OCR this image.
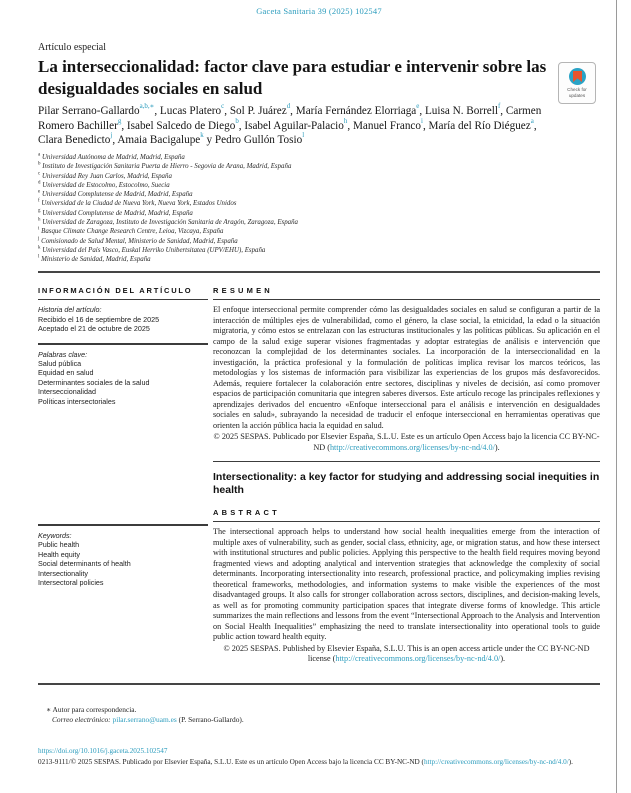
Gaceta Sanitaria 39 (2025) 102547
Artículo especial
La interseccionalidad: factor clave para estudiar e intervenir sobre las desigualdades sociales en salud	Check for
updates
Pilar Serrano-Gallardo$^{a,b,∗}$, Lucas Platero$^c$, Sol P. Juárez$^d$, María Fernández Elorriaga$^e$, Luisa N. Borrell$^f$, Carmen Romero Bachiller$^g$, Isabel Salcedo de Diego$^b$, Isabel Aguilar-Palacio$^h$, Manuel Franco$^i$, María del Río Diéguez$^a$, Clara Benedicto$^j$, Amaia Bacigalupe$^k$ y Pedro Gullón Tosio$^l$
$^a$ Universidad Autónoma de Madrid, Madrid, España
$^b$ Instituto de Investigación Sanitaria Puerta de Hierro - Segovia de Arana, Madrid, España
$^c$ Universidad Rey Juan Carlos, Madrid, España
$^d$ Universidad de Estocolmo, Estocolmo, Suecia
$^e$ Universidad Complutense de Madrid, Madrid, España
$^f$ Universidad de la Ciudad de Nueva York, Nueva York, Estados Unidos
$^g$ Universidad Complutense de Madrid, Madrid, España
$^h$ Universidad de Zaragoza, Instituto de Investigación Sanitaria de Aragón, Zaragoza, España
$^i$ Basque Climate Change Research Centre, Leioa, Vizcaya, España
$^j$ Comisionado de Salud Mental, Ministerio de Sanidad, Madrid, España
$^k$ Universidad del País Vasco, Euskal Herriko Unibertsitatea (UPV/EHU), España
$^l$ Ministerio de Sanidad, Madrid, España
INFORMACIÓN DEL ARTÍCULO
Historia del artículo:
Recibido el 16 de septiembre de 2025
Aceptado el 21 de octubre de 2025
Palabras clave:
Salud pública
Equidad en salud
Determinantes sociales de la salud
Interseccionalidad
Políticas intersectoriales
Keywords:
Public health
Health equity
Social determinants of health
Intersectionality
Intersectoral policies
RESUMEN
El enfoque interseccional permite comprender cómo las desigualdades sociales en salud se configuran a partir de la interacción de múltiples ejes de vulnerabilidad, como el género, la clase social, la etnicidad, la edad o la situación migratoria, y cómo estos se entrelazan con las estructuras institucionales y las políticas públicas. Su aplicación en el campo de la salud exige superar visiones fragmentadas y adoptar estrategias de análisis e intervención que reconozcan la complejidad de los determinantes sociales. La incorporación de la interseccionalidad en la investigación, la práctica profesional y la formulación de políticas implica revisar los marcos teóricos, las metodologías y los sistemas de información para visibilizar las experiencias de los grupos más desfavorecidos. Además, requiere fortalecer la colaboración entre sectores, disciplinas y niveles de decisión, así como promover espacios de participación comunitaria que integren saberes diversos. Este artículo recoge las principales reflexiones y aprendizajes derivados del encuentro «Enfoque interseccional para el análisis e intervención en desigualdades sociales en salud», subrayando la necesidad de traducir el enfoque interseccional en herramientas operativas que orienten la acción pública hacia la equidad en salud.
© 2025 SESPAS. Publicado por Elsevier España, S.L.U. Este es un artículo Open Access bajo la licencia CC BY-NC-ND (http://creativecommons.org/licenses/by-nc-nd/4.0/).
Intersectionality: a key factor for studying and addressing social inequities in health
ABSTRACT
The intersectional approach helps to understand how social health inequalities emerge from the interaction of multiple axes of vulnerability, such as gender, social class, ethnicity, age, or migration status, and how these intersect with institutional structures and public policies. Applying this perspective to the health field requires moving beyond fragmented views and adopting analytical and intervention strategies that acknowledge the complexity of social determinants. Incorporating intersectionality into research, professional practice, and policymaking implies revising theoretical frameworks, methodologies, and information systems to make visible the experiences of the most disadvantaged groups. It also calls for stronger collaboration across sectors, disciplines, and decision-making levels, as well as for promoting community participation spaces that integrate diverse forms of knowledge. This article summarizes the main reflections and lessons from the event “Intersectional Approach to the Analysis and Intervention on Social Health Inequalities” emphasizing the need to translate intersectionality into operational tools to guide public action toward health equity.
© 2025 SESPAS. Published by Elsevier España, S.L.U. This is an open access article under the CC BY-NC-ND license (http://creativecommons.org/licenses/by-nc-nd/4.0/).
∗ Autor para correspondencia.
Correo electrónico: pilar.serrano@uam.es (P. Serrano-Gallardo).
https://doi.org/10.1016/j.gaceta.2025.102547
0213-9111/© 2025 SESPAS. Publicado por Elsevier España, S.L.U. Este es un artículo Open Access bajo la licencia CC BY-NC-ND (http://creativecommons.org/licenses/by-nc-nd/4.0/).
